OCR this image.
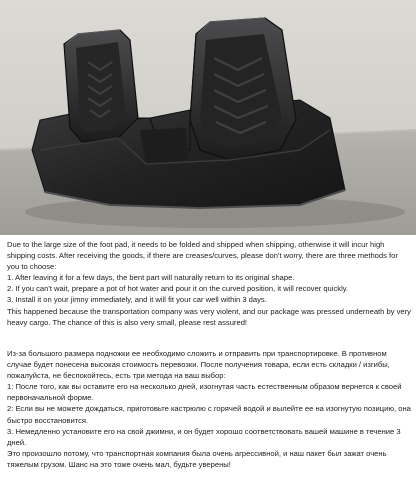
Due to the large size of the foot pad, it needs to be folded and shipped when shipping, otherwise it will incur high shipping costs. After receiving the goods, if there are creases/curves, please don't worry, there are three methods for you to choose:

1. After leaving it for a few days, the bent part will naturally return to its original shape.

2. If you can't wait, prepare a pot of hot water and pour it on the curved position, it will recover quickly.

3. Install it on your jimny immediately, and it will fit your car well within 3 days.

This happened because the transportation company was very violent, and our package was pressed underneath by very heavy cargo. The chance of this is also very small, please rest assured!

Из-за большого размера подножки ее необходимо сложить и отправить при транспортировке. В противном случае будет понесена высокая стоимость перевозки. После получения товара, если есть складки / изгибы, пожалуйста, не беспокойтесь, есть три метода на ваш выбор:

1: После того, как вы оставите его на несколько дней, изогнутая часть естественным образом вернется к своей первоначальной форме.

2: Если вы не можете дождаться, приготовьте кастрюлю с горячей водой и вылейте ее на изогнутую позицию, она быстро восстановится.

3. Немедленно установите его на свой джимни, и он будет хорошо соответствовать вашей машине в течение 3 дней.

Это произошло потому, что транспортная компания была очень агрессивной, и наш пакет был зажат очень тяжелым грузом. Шанс на это тоже очень мал, будьте уверены!
